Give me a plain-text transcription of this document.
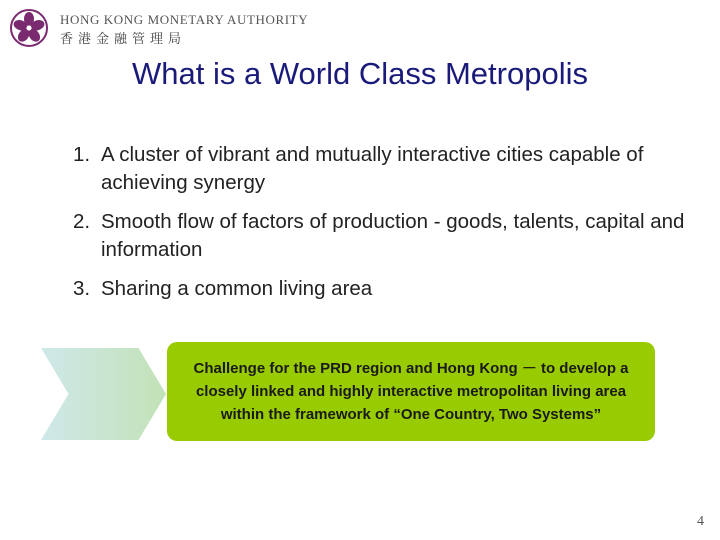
HONG KONG MONETARY AUTHORITY
香港金融管理局
What is a World Class Metropolis
1. A cluster of vibrant and mutually interactive cities capable of achieving synergy
2. Smooth flow of factors of production - goods, talents, capital and information
3. Sharing a common living area
Challenge for the PRD region and Hong Kong － to develop a closely linked and highly interactive metropolitan living area within the framework of “One Country, Two Systems”
4
